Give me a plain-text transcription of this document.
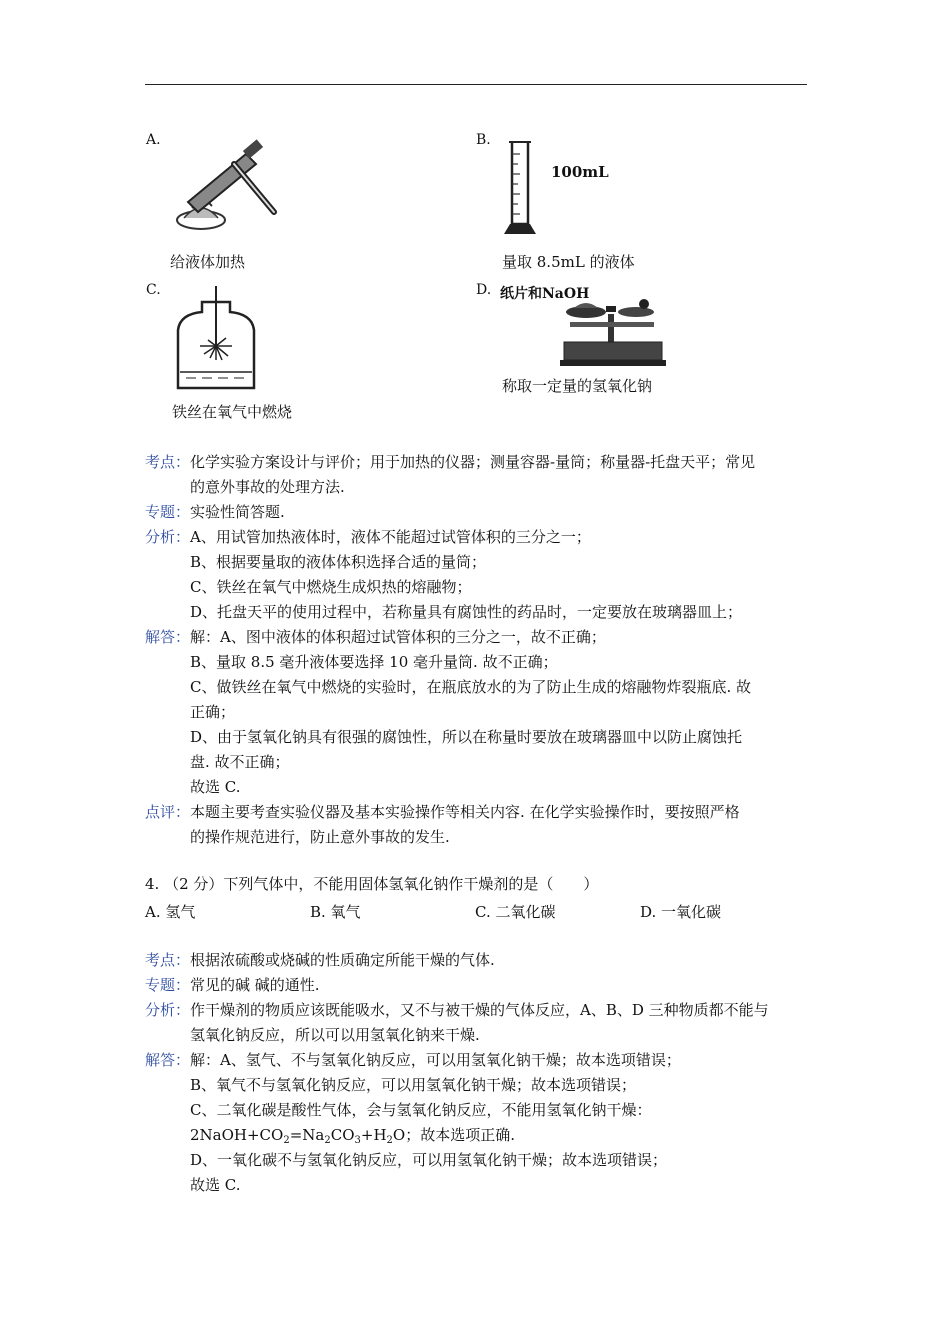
A.
给液体加热
B.
100mL
量取 8.5mL 的液体
C.
铁丝在氧气中燃烧
D. 纸片和NaOH
称取一定量的氢氧化钠
考点：化学实验方案设计与评价；用于加热的仪器；测量容器-量筒；称量器-托盘天平；常见
的意外事故的处理方法.
专题：实验性简答题.
分析：A、用试管加热液体时，液体不能超过试管体积的三分之一；
B、根据要量取的液体体积选择合适的量筒；
C、铁丝在氧气中燃烧生成炽热的熔融物；
D、托盘天平的使用过程中，若称量具有腐蚀性的药品时，一定要放在玻璃器皿上；
解答：解：A、图中液体的体积超过试管体积的三分之一，故不正确；
B、量取 8.5 毫升液体要选择 10 毫升量筒. 故不正确；
C、做铁丝在氧气中燃烧的实验时，在瓶底放水的为了防止生成的熔融物炸裂瓶底. 故
正确；
D、由于氢氧化钠具有很强的腐蚀性，所以在称量时要放在玻璃器皿中以防止腐蚀托
盘. 故不正确；
故选 C.
点评：本题主要考查实验仪器及基本实验操作等相关内容. 在化学实验操作时，要按照严格
的操作规范进行，防止意外事故的发生.
4. （2 分）下列气体中，不能用固体氢氧化钠作干燥剂的是（　　）
A. 氢气	B. 氧气	C. 二氧化碳	D. 一氧化碳
考点：根据浓硫酸或烧碱的性质确定所能干燥的气体.
专题：常见的碱 碱的通性.
分析：作干燥剂的物质应该既能吸水，又不与被干燥的气体反应，A、B、D 三种物质都不能与
氢氧化钠反应，所以可以用氢氧化钠来干燥.
解答：解：A、氢气、不与氢氧化钠反应，可以用氢氧化钠干燥；故本选项错误；
B、氧气不与氢氧化钠反应，可以用氢氧化钠干燥；故本选项错误；
C、二氧化碳是酸性气体，会与氢氧化钠反应，不能用氢氧化钠干燥：
$2NaOH+CO_2=Na_2CO_3+H_2O$；故本选项正确.
D、一氧化碳不与氢氧化钠反应，可以用氢氧化钠干燥；故本选项错误；
故选 C.
